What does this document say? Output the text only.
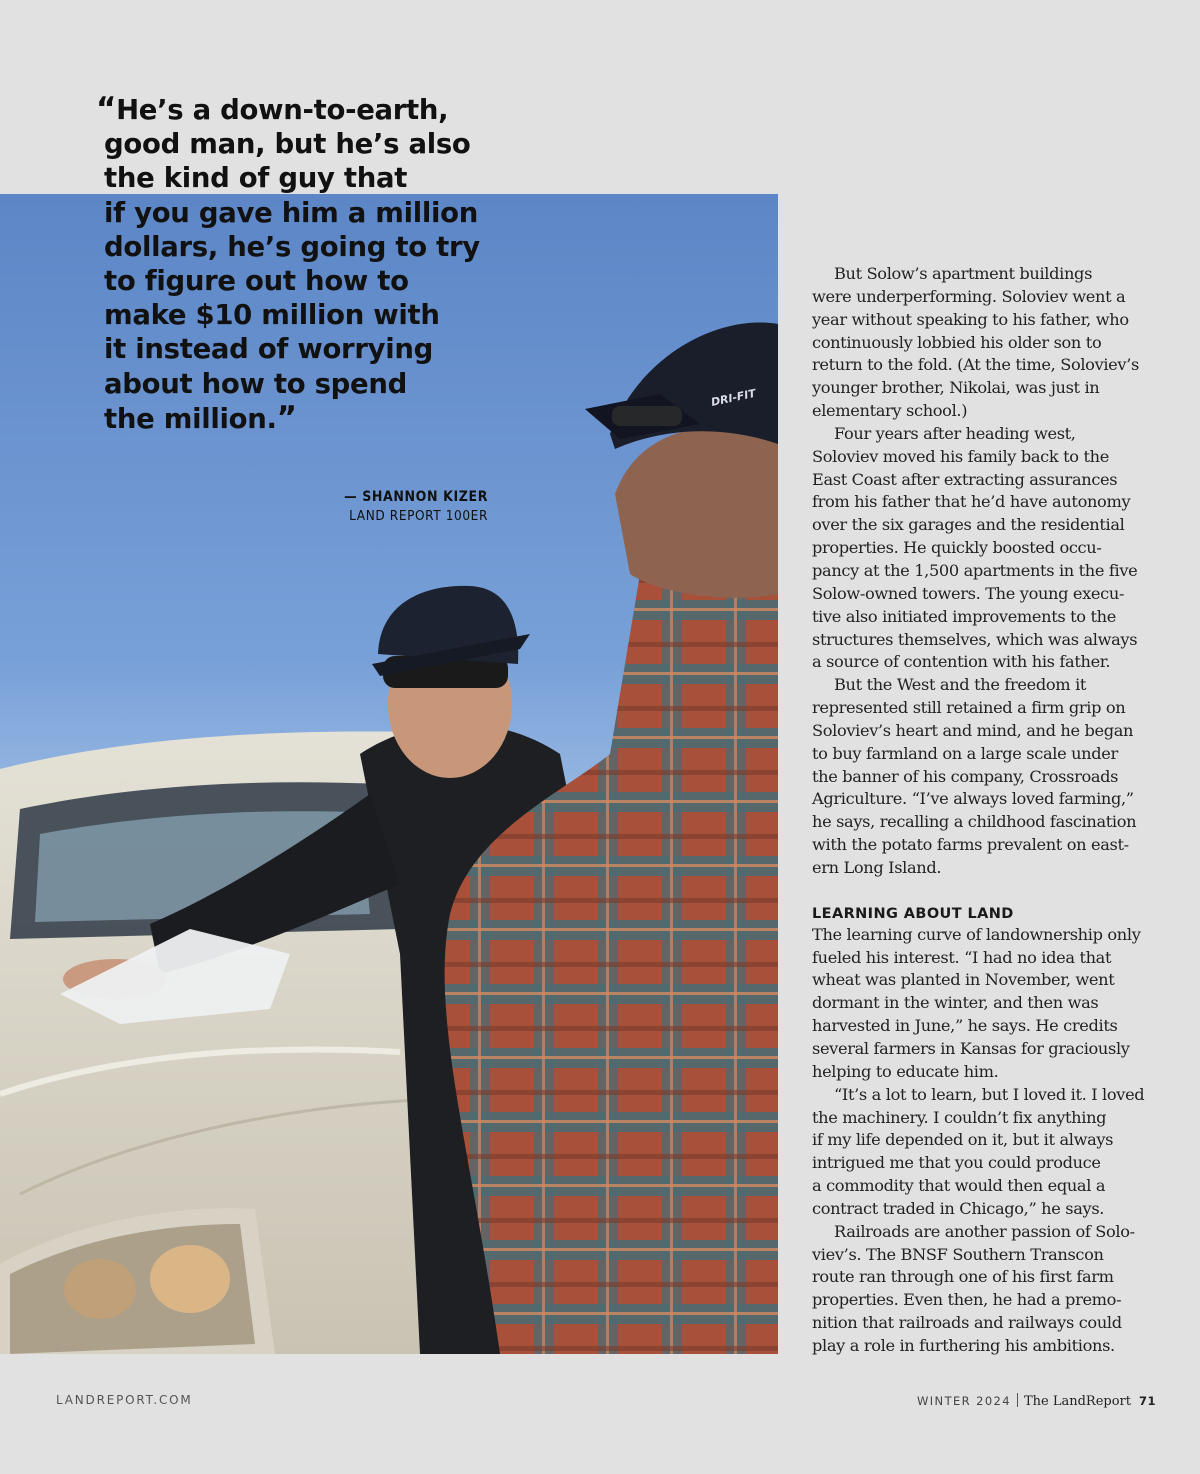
DRI-FIT
“He’s a down-to-earth,
good man, but he’s also
the kind of guy that
if you gave him a million
dollars, he’s going to try
to figure out how to
make $10 million with
it instead of worrying
about how to spend
the million.”
— SHANNON KIZER
LAND REPORT 100ER
But Solow’s apartment buildings
were underperforming. Soloviev went a
year without speaking to his father, who
continuously lobbied his older son to
return to the fold. (At the time, Soloviev’s
younger brother, Nikolai, was just in
elementary school.)
Four years after heading west,
Soloviev moved his family back to the
East Coast after extracting assurances
from his father that he’d have autonomy
over the six garages and the residential
properties. He quickly boosted occu-
pancy at the 1,500 apartments in the five
Solow-owned towers. The young execu-
tive also initiated improvements to the
structures themselves, which was always
a source of contention with his father.
But the West and the freedom it
represented still retained a firm grip on
Soloviev’s heart and mind, and he began
to buy farmland on a large scale under
the banner of his company, Crossroads
Agriculture. “I’ve always loved farming,”
he says, recalling a childhood fascination
with the potato farms prevalent on east-
ern Long Island.
LEARNING ABOUT LAND
The learning curve of landownership only
fueled his interest. “I had no idea that
wheat was planted in November, went
dormant in the winter, and then was
harvested in June,” he says. He credits
several farmers in Kansas for graciously
helping to educate him.
“It’s a lot to learn, but I loved it. I loved
the machinery. I couldn’t fix anything
if my life depended on it, but it always
intrigued me that you could produce
a commodity that would then equal a
contract traded in Chicago,” he says.
Railroads are another passion of Solo-
viev’s. The BNSF Southern Transcon
route ran through one of his first farm
properties. Even then, he had a premo-
nition that railroads and railways could
play a role in furthering his ambitions.
LANDREPORT.COM	WINTER 2024 The LandReport 71
